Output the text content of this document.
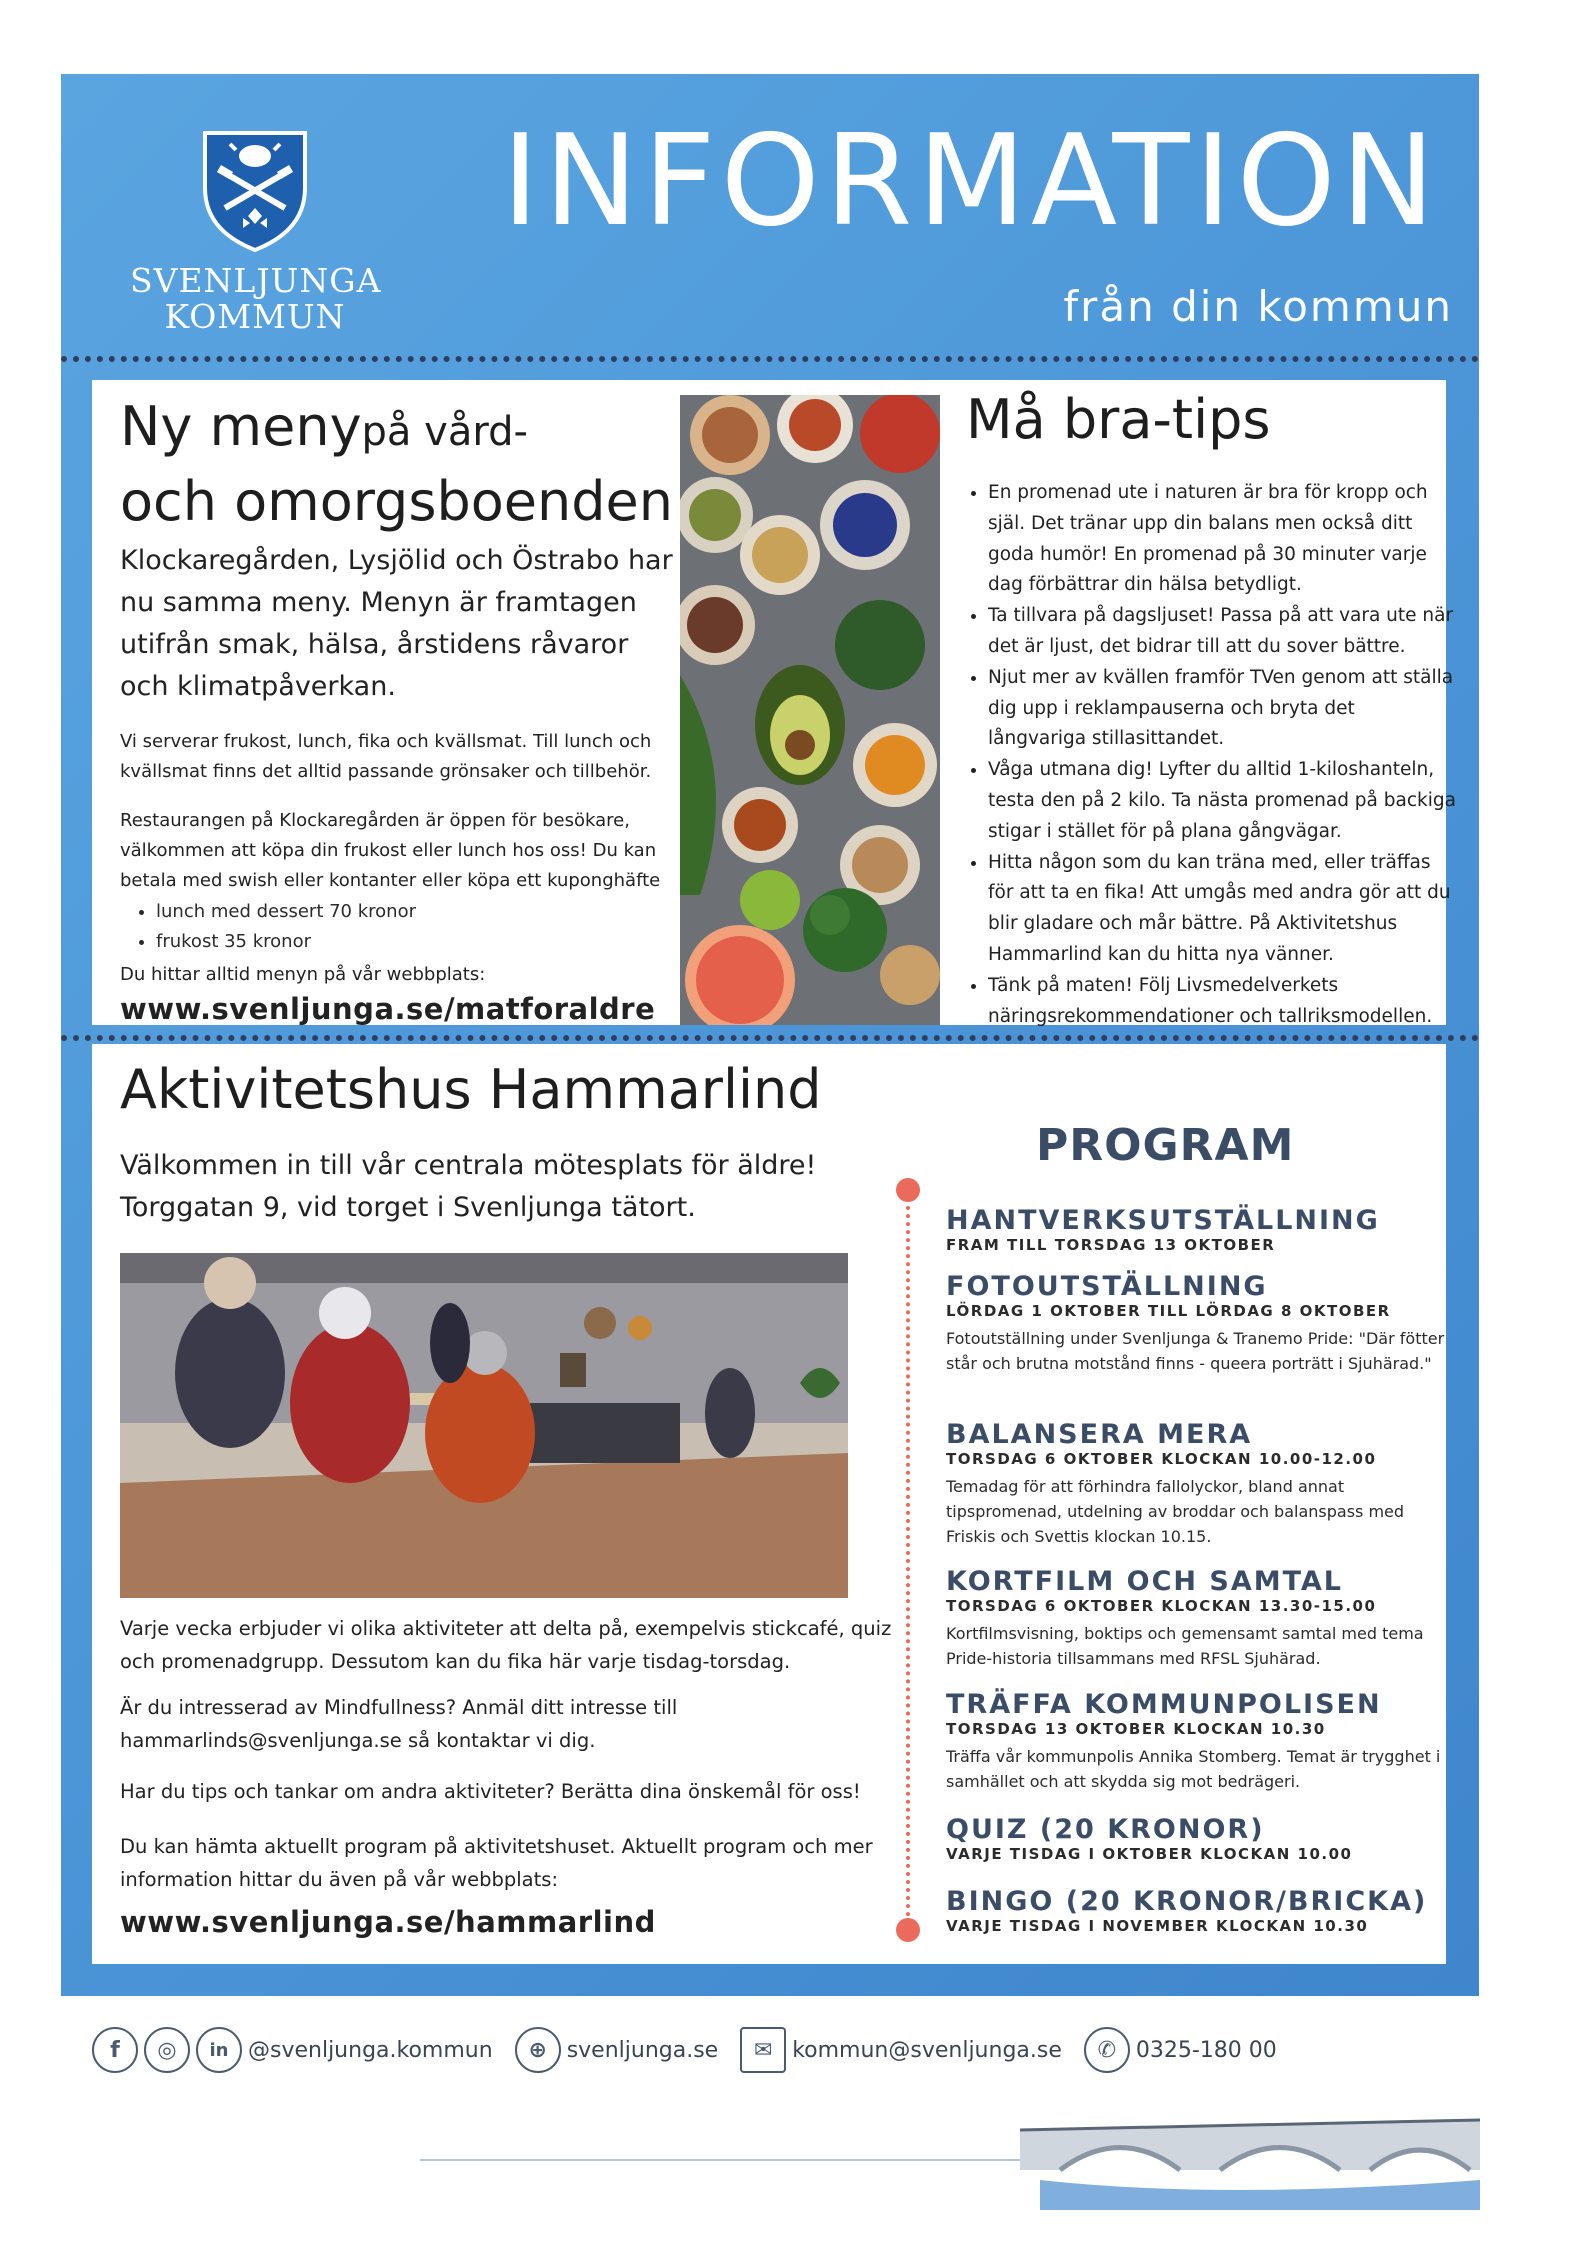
SVENLJUNGA
KOMMUN
INFORMATION
från din kommun
Ny menypå vård-
och omorgsboenden
Klockaregården, Lysjölid och Östrabo har nu samma meny. Menyn är framtagen utifrån smak, hälsa, årstidens råvaror och klimatpåverkan.
Vi serverar frukost, lunch, fika och kvällsmat. Till lunch och kvällsmat finns det alltid passande grönsaker och tillbehör.
Restaurangen på Klockaregården är öppen för besökare, välkommen att köpa din frukost eller lunch hos oss! Du kan betala med swish eller kontanter eller köpa ett kuponghäfte
• lunch med dessert 70 kronor
• frukost 35 kronor
Du hittar alltid menyn på vår webbplats:
www.svenljunga.se/matforaldre
Må bra-tips
• En promenad ute i naturen är bra för kropp och själ. Det tränar upp din balans men också ditt goda humör! En promenad på 30 minuter varje dag förbättrar din hälsa betydligt.
• Ta tillvara på dagsljuset! Passa på att vara ute när det är ljust, det bidrar till att du sover bättre.
• Njut mer av kvällen framför TVen genom att ställa dig upp i reklampauserna och bryta det långvariga stillasittandet.
• Våga utmana dig! Lyfter du alltid 1-kiloshanteln, testa den på 2 kilo. Ta nästa promenad på backiga stigar i stället för på plana gångvägar.
• Hitta någon som du kan träna med, eller träffas för att ta en fika! Att umgås med andra gör att du blir gladare och mår bättre. På Aktivitetshus Hammarlind kan du hitta nya vänner.
• Tänk på maten! Följ Livsmedelverkets näringsrekommendationer och tallriksmodellen.
Aktivitetshus Hammarlind
Välkommen in till vår centrala mötesplats för äldre! Torggatan 9, vid torget i Svenljunga tätort.
Varje vecka erbjuder vi olika aktiviteter att delta på, exempelvis stickcafé, quiz och promenadgrupp. Dessutom kan du fika här varje tisdag-torsdag.
Är du intresserad av Mindfullness? Anmäl ditt intresse till hammarlinds@svenljunga.se så kontaktar vi dig.
Har du tips och tankar om andra aktiviteter? Berätta dina önskemål för oss!
Du kan hämta aktuellt program på aktivitetshuset. Aktuellt program och mer information hittar du även på vår webbplats:
www.svenljunga.se/hammarlind
PROGRAM
HANTVERKSUTSTÄLLNING
FRAM TILL TORSDAG 13 OKTOBER
FOTOUTSTÄLLNING
LÖRDAG 1 OKTOBER TILL LÖRDAG 8 OKTOBER
Fotoutställning under Svenljunga & Tranemo Pride: "Där fötter står och brutna motstånd finns - queera porträtt i Sjuhärad."
BALANSERA MERA
TORSDAG 6 OKTOBER KLOCKAN 10.00-12.00
Temadag för att förhindra fallolyckor, bland annat tipspromenad, utdelning av broddar och balanspass med Friskis och Svettis klockan 10.15.
KORTFILM OCH SAMTAL
TORSDAG 6 OKTOBER KLOCKAN 13.30-15.00
Kortfilmsvisning, boktips och gemensamt samtal med tema Pride-historia tillsammans med RFSL Sjuhärad.
TRÄFFA KOMMUNPOLISEN
TORSDAG 13 OKTOBER KLOCKAN 10.30
Träffa vår kommunpolis Annika Stomberg. Temat är trygghet i samhället och att skydda sig mot bedrägeri.
QUIZ (20 KRONOR)
VARJE TISDAG I OKTOBER KLOCKAN 10.00
BINGO (20 KRONOR/BRICKA)
VARJE TISDAG I NOVEMBER KLOCKAN 10.30
f	◎	in @svenljunga.kommun	⊕ svenljunga.se	✉ kommun@svenljunga.se	✆ 0325-180 00
